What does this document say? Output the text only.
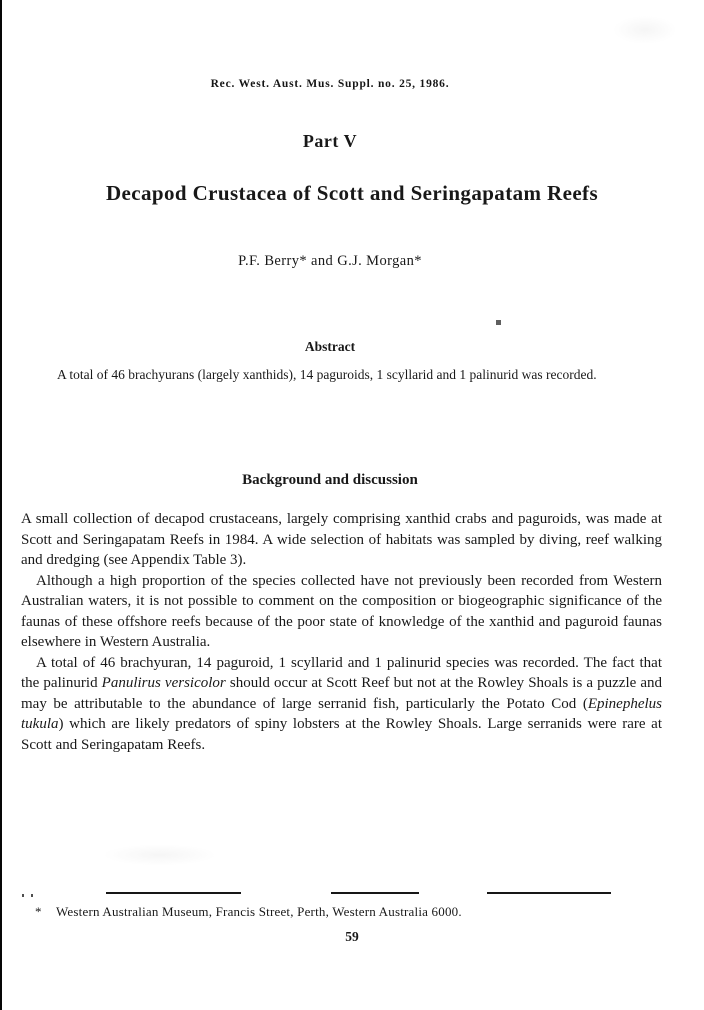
Rec. West. Aust. Mus. Suppl. no. 25, 1986.
Part V
Decapod Crustacea of Scott and Seringapatam Reefs
P.F. Berry* and G.J. Morgan*
Abstract
A total of 46 brachyurans (largely xanthids), 14 paguroids, 1 scyllarid and 1 palinurid was recorded.
Background and discussion

A small collection of decapod crustaceans, largely comprising xanthid crabs and paguroids, was made at Scott and Seringapatam Reefs in 1984. A wide selection of habitats was sampled by diving, reef walking and dredging (see Appendix Table 3).

Although a high proportion of the species collected have not previously been recorded from Western Australian waters, it is not possible to comment on the composition or biogeographic significance of the faunas of these offshore reefs because of the poor state of knowledge of the xanthid and paguroid faunas elsewhere in Western Australia.

A total of 46 brachyuran, 14 paguroid, 1 scyllarid and 1 palinurid species was recorded. The fact that the palinurid Panulirus versicolor should occur at Scott Reef but not at the Rowley Shoals is a puzzle and may be attributable to the abundance of large serranid fish, particularly the Potato Cod (Epinephelus tukula) which are likely predators of spiny lobsters at the Rowley Shoals. Large serranids were rare at Scott and Seringapatam Reefs.

* Western Australian Museum, Francis Street, Perth, Western Australia 6000.
59
